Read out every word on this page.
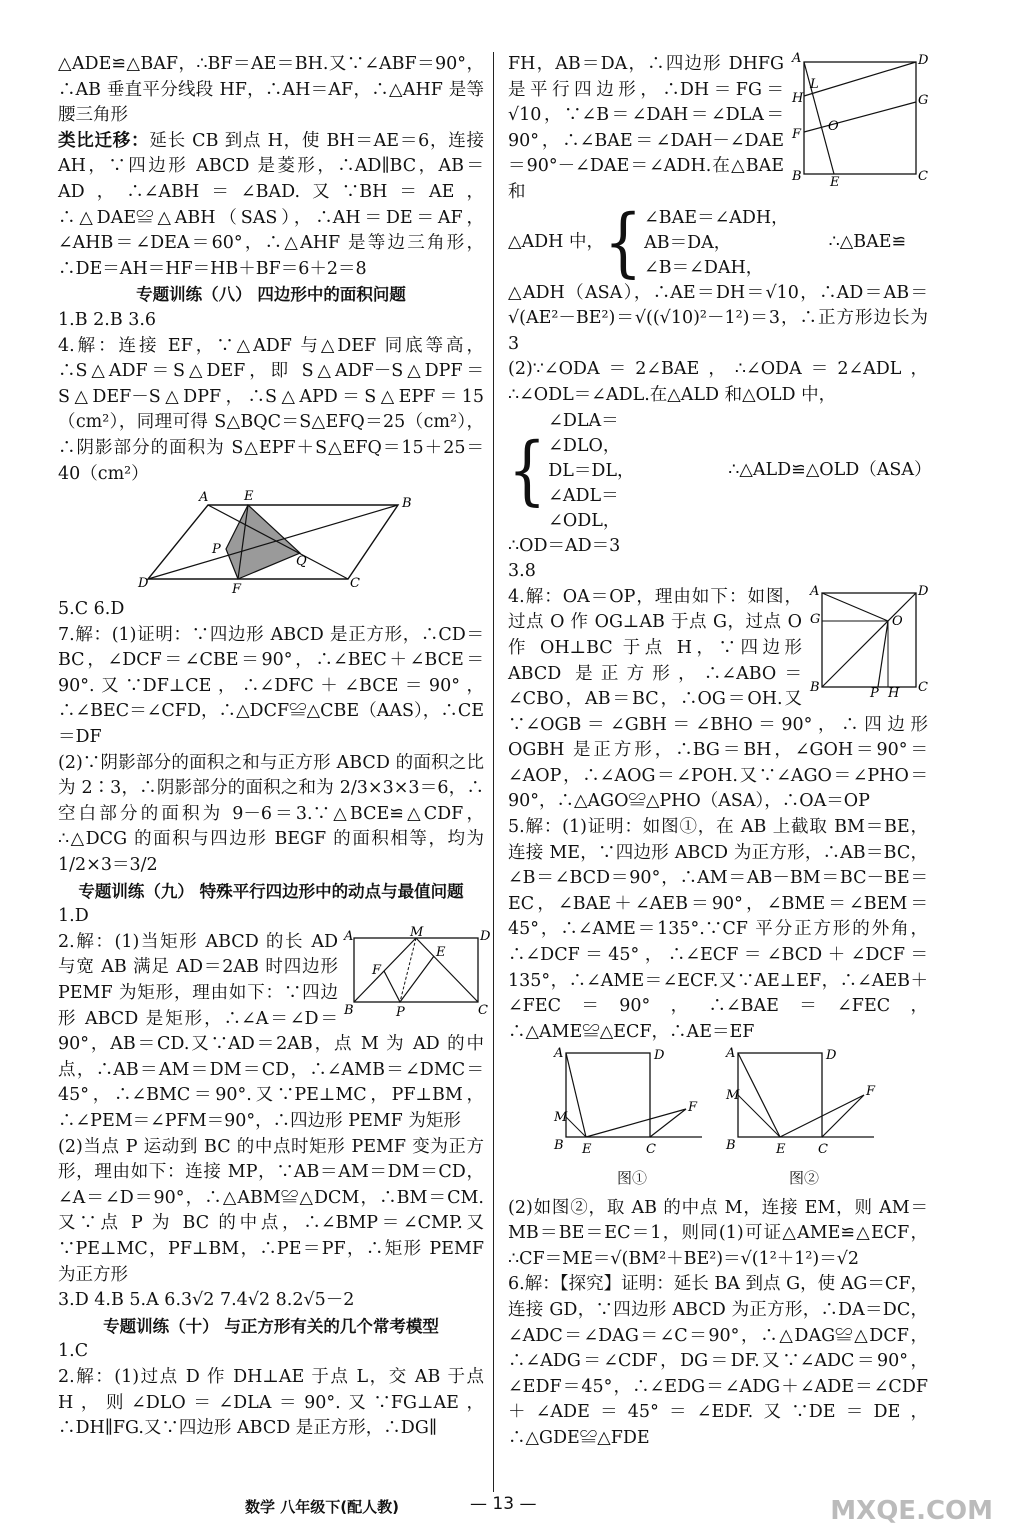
△ADE≌△BAF，∴BF＝AE＝BH.又∵∠ABF＝90°，∴AB 垂直平分线段 HF，∴AH＝AF，∴△AHF 是等腰三角形

类比迁移：延长 CB 到点 H，使 BH＝AE＝6，连接 AH，∵四边形 ABCD 是菱形，∴AD∥BC，AB＝AD，∴∠ABH＝∠BAD.又∵BH＝AE，∴△DAE≌△ABH（SAS），∴AH＝DE＝AF，∠AHB＝∠DEA＝60°，∴△AHF 是等边三角形，∴DE＝AH＝HF＝HB＋BF＝6＋2＝8

专题训练（八） 四边形中的面积问题

1.B 2.B 3.6

4.解：连接 EF，∵△ADF 与△DEF 同底等高，∴S△ADF＝S△DEF，即 S△ADF－S△DPF＝S△DEF－S△DPF，∴S△APD＝S△EPF＝15（cm²），同理可得 S△BQC＝S△EFQ＝25（cm²），∴阴影部分的面积为 S△EPF＋S△EFQ＝15＋25＝40（cm²）

A	E	B
D	F	C
P
Q

5.C 6.D

7.解：(1)证明：∵四边形 ABCD 是正方形，∴CD＝BC，∠DCF＝∠CBE＝90°，∴∠BEC＋∠BCE＝90°.又∵DF⊥CE，∴∠DFC＋∠BCE＝90°，∴∠BEC＝∠CFD，∴△DCF≌△CBE（AAS），∴CE＝DF

(2)∵阴影部分的面积之和与正方形 ABCD 的面积之比为 2∶3，∴阴影部分的面积之和为 2/3×3×3＝6，∴空白部分的面积为 9－6＝3.∵△BCE≌△CDF，∴△DCG 的面积与四边形 BEGF 的面积相等，均为 1/2×3＝3/2

专题训练（九） 特殊平行四边形中的动点与最值问题

1.D

A	M	D
B	P	C
F
E

2.解：(1)当矩形 ABCD 的长 AD 与宽 AB 满足 AD＝2AB 时四边形 PEMF 为矩形，理由如下：∵四边形 ABCD 是矩形，∴∠A＝∠D＝90°，AB＝CD.又∵AD＝2AB，点 M 为 AD 的中点，∴AB＝AM＝DM＝CD，∴∠AMB＝∠DMC＝45°，∴∠BMC＝90°.又∵PE⊥MC，PF⊥BM，∴∠PEM＝∠PFM＝90°，∴四边形 PEMF 为矩形

(2)当点 P 运动到 BC 的中点时矩形 PEMF 变为正方形，理由如下：连接 MP，∵AB＝AM＝DM＝CD，∠A＝∠D＝90°，∴△ABM≌△DCM，∴BM＝CM.又∵点 P 为 BC 的中点，∴∠BMP＝∠CMP.又∵PE⊥MC，PF⊥BM，∴PE＝PF，∴矩形 PEMF 为正方形

3.D 4.B 5.A 6.3√2 7.4√2 8.2√5－2

专题训练（十） 与正方形有关的几个常考模型

1.C

2.解：(1)过点 D 作 DH⊥AE 于点 L，交 AB 于点 H，则∠DLO＝∠DLA＝90°.又∵FG⊥AE，∴DH∥FG.又∵四边形 ABCD 是正方形，∴DG∥

A	D
H
L
G
F
O
B E	C

FH，AB＝DA，∴四边形 DHFG 是平行四边形，∴DH＝FG＝√10，∵∠B＝∠DAH＝∠DLA＝90°，∴∠BAE＝∠DAH－∠DAE＝90°－∠DAE＝∠ADH.在△BAE 和

△ADH 中， { ∠BAE＝∠ADH，
AB＝DA，
∠B＝∠DAH，
∴△BAE≌

△ADH（ASA），∴AE＝DH＝√10，∴AD＝AB＝√(AE²－BE²)＝√((√10)²－1²)＝3，∴正方形边长为 3

(2)∵∠ODA＝2∠BAE，∴∠ODA＝2∠ADL，∴∠ODL＝∠ADL.在△ALD 和△OLD 中，

{
∠DLA＝∠DLO，
DL＝DL，
∠ADL＝∠ODL，
∴△ALD≌△OLD（ASA）

∴OD＝AD＝3

3.8

A	D
G	O
B	P H C

4.解：OA＝OP，理由如下：如图，过点 O 作 OG⊥AB 于点 G，过点 O 作 OH⊥BC 于点 H，∵四边形 ABCD 是正方形，∴∠ABO＝∠CBO，AB＝BC，∴OG＝OH.又∵∠OGB＝∠GBH＝∠BHO＝90°，∴四边形 OGBH 是正方形，∴BG＝BH，∠GOH＝90°＝∠AOP，∴∠AOG＝∠POH.又∵∠AGO＝∠PHO＝90°，∴△AGO≌△PHO（ASA），∴OA＝OP

5.解：(1)证明：如图①，在 AB 上截取 BM＝BE，连接 ME，∵四边形 ABCD 为正方形，∴AB＝BC，∠B＝∠BCD＝90°，∴AM＝AB－BM＝BC－BE＝EC，∠BAE＋∠AEB＝90°，∠BME＝∠BEM＝45°，∴∠AME＝135°.∵CF 平分正方形的外角，∴∠DCF＝45°，∴∠ECF＝∠BCD＋∠DCF＝135°，∴∠AME＝∠ECF.又∵AE⊥EF，∴∠AEB＋∠FEC＝90°，∴∠BAE＝∠FEC，∴△AME≌△ECF，∴AE＝EF

A	D
M
B E	C
F
图①
A	D
M
B	E	C
F
图②

(2)如图②，取 AB 的中点 M，连接 EM，则 AM＝MB＝BE＝EC＝1，则同(1)可证△AME≌△ECF，∴CF＝ME＝√(BM²＋BE²)＝√(1²＋1²)＝√2

6.解：【探究】证明：延长 BA 到点 G，使 AG＝CF，连接 GD，∵四边形 ABCD 为正方形，∴DA＝DC，∠ADC＝∠DAG＝∠C＝90°，∴△DAG≌△DCF，∴∠ADG＝∠CDF，DG＝DF.又∵∠ADC＝90°，∠EDF＝45°，∴∠EDG＝∠ADG＋∠ADE＝∠CDF＋∠ADE＝45°＝∠EDF.又∵DE＝DE，∴△GDE≌△FDE

数学 八年级下(配人教)	— 13 —	MXQE.COM
